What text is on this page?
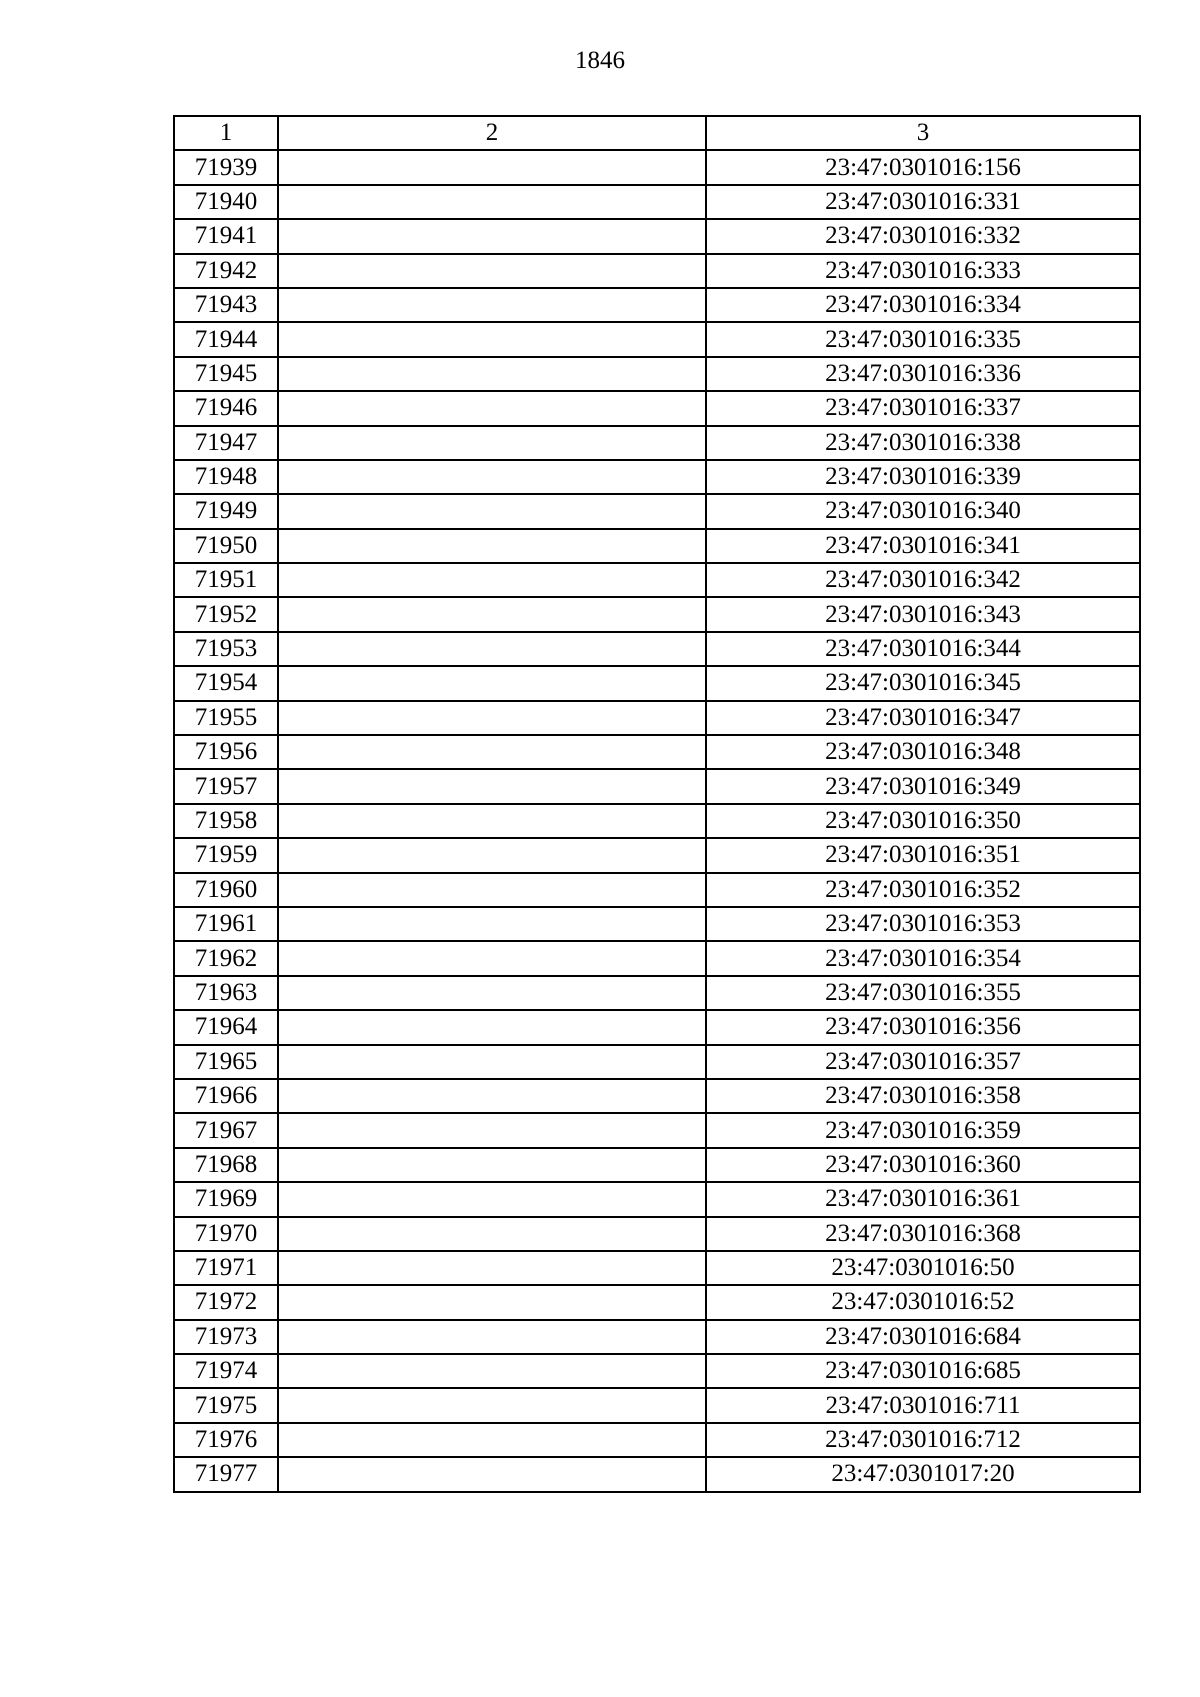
1846
1	2	3
71939		23:47:0301016:156
71940		23:47:0301016:331
71941		23:47:0301016:332
71942		23:47:0301016:333
71943		23:47:0301016:334
71944		23:47:0301016:335
71945		23:47:0301016:336
71946		23:47:0301016:337
71947		23:47:0301016:338
71948		23:47:0301016:339
71949		23:47:0301016:340
71950		23:47:0301016:341
71951		23:47:0301016:342
71952		23:47:0301016:343
71953		23:47:0301016:344
71954		23:47:0301016:345
71955		23:47:0301016:347
71956		23:47:0301016:348
71957		23:47:0301016:349
71958		23:47:0301016:350
71959		23:47:0301016:351
71960		23:47:0301016:352
71961		23:47:0301016:353
71962		23:47:0301016:354
71963		23:47:0301016:355
71964		23:47:0301016:356
71965		23:47:0301016:357
71966		23:47:0301016:358
71967		23:47:0301016:359
71968		23:47:0301016:360
71969		23:47:0301016:361
71970		23:47:0301016:368
71971		23:47:0301016:50
71972		23:47:0301016:52
71973		23:47:0301016:684
71974		23:47:0301016:685
71975		23:47:0301016:711
71976		23:47:0301016:712
71977		23:47:0301017:20
